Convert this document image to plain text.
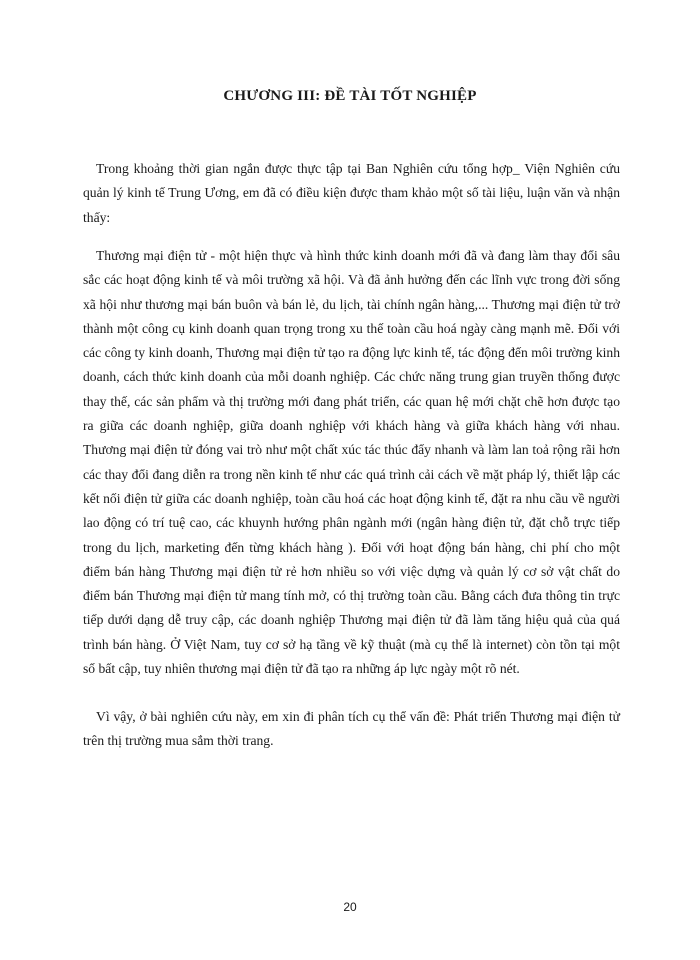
CHƯƠNG III: ĐỀ TÀI TỐT NGHIỆP

Trong khoảng thời gian ngắn được thực tập tại Ban Nghiên cứu tổng hợp_ Viện Nghiên cứu quản lý kinh tế Trung Ương, em đã có điều kiện được tham khảo một số tài liệu, luận văn và nhận thấy:

Thương mại điện tử - một hiện thực và hình thức kinh doanh mới đã và đang làm thay đổi sâu sắc các hoạt động kinh tế và môi trường xã hội. Và đã ảnh hưởng đến các lĩnh vực trong đời sống xã hội như thương mại bán buôn và bán lẻ, du lịch, tài chính ngân hàng,... Thương mại điện tử trở thành một công cụ kinh doanh quan trọng trong xu thế toàn cầu hoá ngày càng mạnh mẽ. Đối với các công ty kinh doanh, Thương mại điện tử tạo ra động lực kinh tế, tác động đến môi trường kinh doanh, cách thức kinh doanh của mỗi doanh nghiệp. Các chức năng trung gian truyền thống được thay thế, các sản phẩm và thị trường mới đang phát triển, các quan hệ mới chặt chẽ hơn được tạo ra giữa các doanh nghiệp, giữa doanh nghiệp với khách hàng và giữa khách hàng với nhau. Thương mại điện tử đóng vai trò như một chất xúc tác thúc đẩy nhanh và làm lan toả rộng rãi hơn các thay đổi đang diễn ra trong nền kinh tế như các quá trình cải cách về mặt pháp lý, thiết lập các kết nối điện tử giữa các doanh nghiệp, toàn cầu hoá các hoạt động kinh tế, đặt ra nhu cầu về người lao động có trí tuệ cao, các khuynh hướng phân ngành mới (ngân hàng điện tử, đặt chỗ trực tiếp trong du lịch, marketing đến từng khách hàng ). Đối với hoạt động bán hàng, chi phí cho một điểm bán hàng Thương mại điện tử rẻ hơn nhiều so với việc dựng và quản lý cơ sở vật chất do điểm bán Thương mại điện tử mang tính mở, có thị trường toàn cầu. Bằng cách đưa thông tin trực tiếp dưới dạng dễ truy cập, các doanh nghiệp Thương mại điện tử đã làm tăng hiệu quả của quá trình bán hàng. Ở Việt Nam, tuy cơ sở hạ tầng về kỹ thuật (mà cụ thể là internet) còn tồn tại một số bất cập, tuy nhiên thương mại điện tử đã tạo ra những áp lực ngày một rõ nét.

Vì vậy, ở bài nghiên cứu này, em xin đi phân tích cụ thể vấn đề: Phát triển Thương mại điện tử trên thị trường mua sắm thời trang.

20
